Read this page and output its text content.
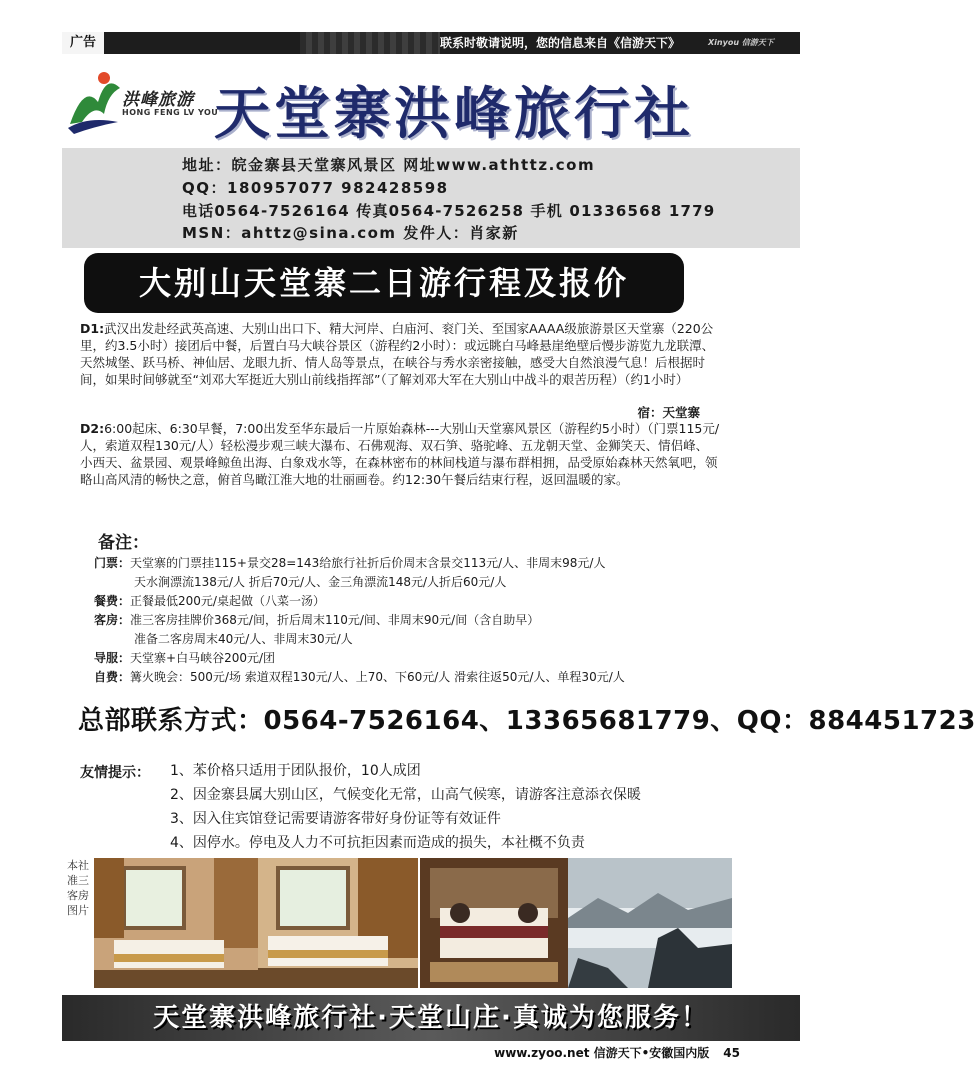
广告	联系时敬请说明，您的信息来自《信游天下》	Xinyou 信游天下
洪峰旅游
HONG FENG LV YOU
天堂寨洪峰旅行社
地址：皖金寨县天堂寨风景区 网址www.athttz.com
QQ：180957077 982428598
电话0564-7526164 传真0564-7526258 手机 01336568 1779
MSN：ahttz@sina.com 发件人：肖家新
大别山天堂寨二日游行程及报价
D1:武汉出发赴经武英高速、大别山出口下、精大河岸、白庙河、衮门关、至国家AAAA级旅游景区天堂寨（220公里，约3.5小时）接团后中餐，后置白马大峡谷景区（游程约2小时）：或远眺白马峰悬崖绝壁后慢步游览九龙联潭、天然城堡、跃马桥、神仙居、龙眼九折、情人岛等景点，在峡谷与秀水亲密接触，感受大自然浪漫气息！后根据时间，如果时间够就至“刘邓大军挺近大别山前线指挥部”（了解刘邓大军在大别山中战斗的艰苦历程）（约1小时）
宿：天堂寨
D2:6:00起床、6:30早餐，7:00出发至华东最后一片原始森林---大别山天堂寨风景区（游程约5小时）（门票115元/人，索道双程130元/人）轻松漫步观三峡大瀑布、石佛观海、双石笋、骆驼峰、五龙朝天堂、金狮笑天、情侣峰、小西天、盆景园、观景峰鲸鱼出海、白象戏水等，在森林密布的林间栈道与瀑布群相拥，品受原始森林天然氧吧，领略山高风清的畅快之意，俯首鸟瞰江淮大地的壮丽画卷。约12:30午餐后结束行程，返回温暖的家。
备注：
门票：天堂寨的门票挂115+景交28=143给旅行社折后价周末含景交113元/人、非周末98元/人
天水涧漂流138元/人 折后70元/人、金三角漂流148元/人折后60元/人
餐费：正餐最低200元/桌起做（八菜一汤）
客房：准三客房挂牌价368元/间，折后周末110元/间、非周末90元/间（含自助早）
准备二客房周末40元/人、非周末30元/人
导服：天堂寨+白马峡谷200元/团
自费：篝火晚会：500元/场 索道双程130元/人、上70、下60元/人 滑索往返50元/人、单程30元/人
总部联系方式：0564-7526164、13365681779、QQ：884451723
友情提示： 1、苯价格只适用于团队报价，10人成团
2、因金寨县属大别山区，气候变化无常，山高气候寒，请游客注意添衣保暖
3、因入住宾馆登记需要请游客带好身份证等有效证件
4、因停水。停电及人力不可抗拒因素而造成的损失，本社概不负责
本社准三客房图片
天堂寨洪峰旅行社·天堂山庄·真诚为您服务！
www.zyoo.net 信游天下•安徽国内版 45
